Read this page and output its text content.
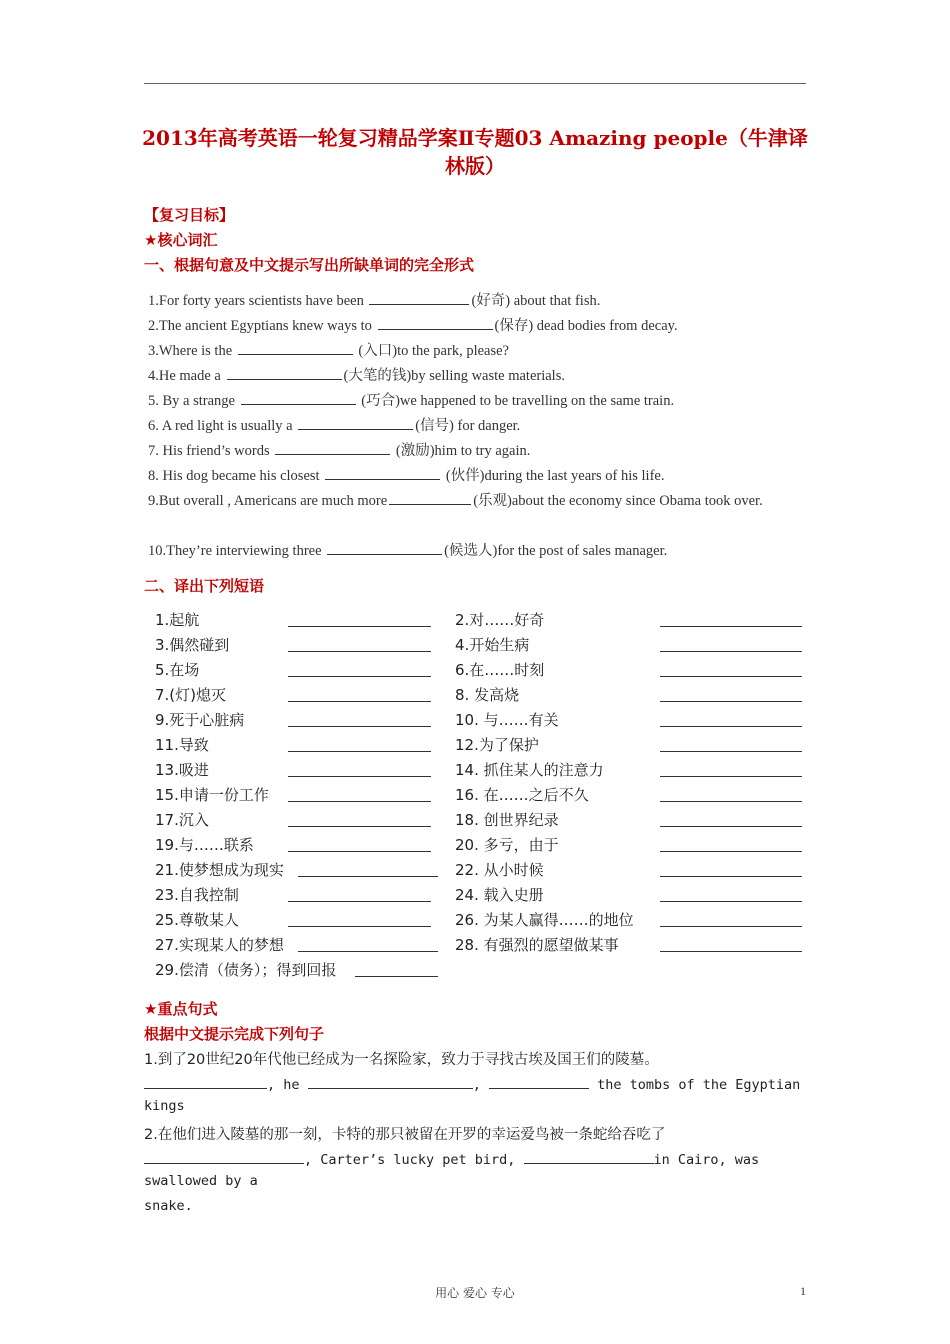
2013年高考英语一轮复习精品学案Ⅱ专题03 Amazing people（牛津译林版）
【复习目标】
★核心词汇
一、根据句意及中文提示写出所缺单词的完全形式
1.For forty years scientists have been	(好奇) about that fish.
2.The ancient Egyptians knew ways to	(保存) dead bodies from decay.
3.Where is the	(入口)to the park, please?
4.He made a	(大笔的钱)by selling waste materials.
5. By a strange	(巧合)we happened to be travelling on the same train.
6. A red light is usually a	(信号) for danger.
7. His friend’s words	(激励)him to try again.
8. His dog became his closest	(伙伴)during the last years of his life.
9.But overall , Americans are much more	(乐观)about the economy since Obama took over.
10.They’re interviewing three	(候选人)for the post of sales manager.
二、译出下列短语
1.起航	2.对……好奇
3.偶然碰到	4.开始生病
5.在场	6.在……时刻
7.(灯)熄灭	8. 发高烧
9.死于心脏病	10. 与……有关
11.导致	12.为了保护
13.吸进	14. 抓住某人的注意力
15.申请一份工作	16. 在……之后不久
17.沉入	18. 创世界纪录
19.与……联系	20. 多亏，由于
21.使梦想成为现实	22. 从小时候
23.自我控制	24. 载入史册
25.尊敬某人	26. 为某人赢得……的地位
27.实现某人的梦想	28. 有强烈的愿望做某事
29.偿清（债务）；得到回报
★重点句式
根据中文提示完成下列句子
1.到了20世纪20年代他已经成为一名探险家，致力于寻找古埃及国王们的陵墓。
, he	,	the tombs of the Egyptian
kings
2.在他们进入陵墓的那一刻，卡特的那只被留在开罗的幸运爱鸟被一条蛇给吞吃了
, Carter’s lucky pet bird,	in Cairo, was
swallowed by a
snake.
用心 爱心 专心	1
